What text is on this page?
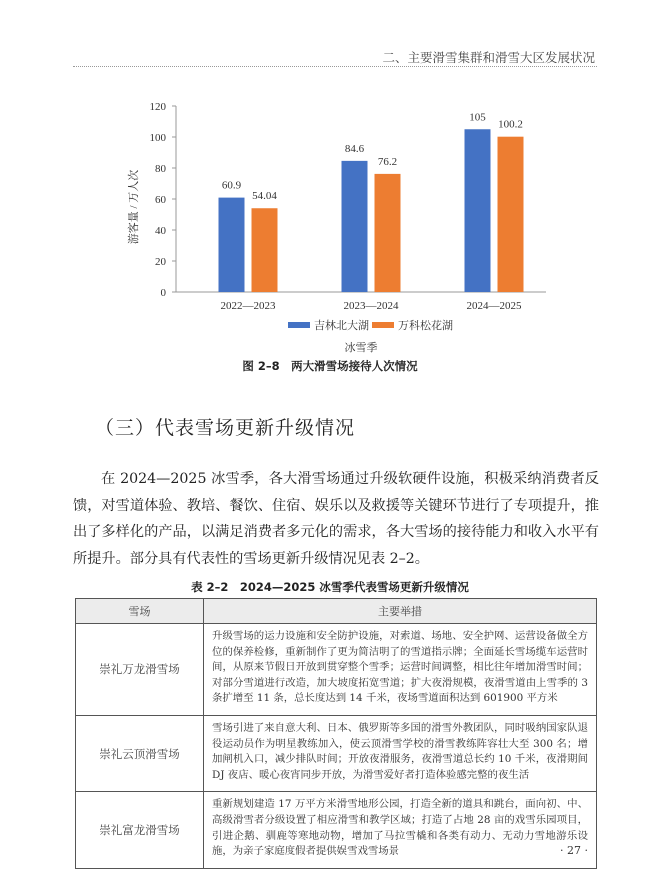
二、主要滑雪集群和滑雪大区发展状况
游客量 / 万人次
0
20
40
60
80
100
120
60.9
84.6
105
54.04
76.2
100.2
2022—2023	2023—2024	2024—2025
吉林北大湖	万科松花湖
冰雪季
图 2–8　两大滑雪场接待人次情况
（三）代表雪场更新升级情况
在 2024—2025 冰雪季，各大滑雪场通过升级软硬件设施，积极采纳消费者反馈，对雪道体验、教培、餐饮、住宿、娱乐以及救援等关键环节进行了专项提升，推出了多样化的产品，以满足消费者多元化的需求，各大雪场的接待能力和收入水平有所提升。部分具有代表性的雪场更新升级情况见表 2–2。
表 2–2　2024—2025 冰雪季代表雪场更新升级情况
雪场	主要举措
崇礼万龙滑雪场	升级雪场的运力设施和安全防护设施，对索道、场地、安全护网、运营设备做全方位的保养检修，重新制作了更为简洁明了的雪道指示牌；全面延长雪场缆车运营时间，从原来节假日开放到贯穿整个雪季；运营时间调整，相比往年增加滑雪时间；对部分雪道进行改造，加大坡度拓宽雪道；扩大夜滑规模，夜滑雪道由上雪季的 3 条扩增至 11 条，总长度达到 14 千米，夜场雪道面积达到 601900 平方米
崇礼云顶滑雪场	雪场引进了来自意大利、日本、俄罗斯等多国的滑雪外教团队，同时吸纳国家队退役运动员作为明星教练加入，使云顶滑雪学校的滑雪教练阵容壮大至 300 名；增加闸机入口，减少排队时间；开放夜滑服务，夜滑雪道总长约 10 千米，夜滑期间 DJ 夜店、暖心夜宵同步开放，为滑雪爱好者打造体验感完整的夜生活
崇礼富龙滑雪场	重新规划建造 17 万平方米滑雪地形公园，打造全新的道具和跳台，面向初、中、高级滑雪者分级设置了相应滑雪和教学区域；打造了占地 28 亩的戏雪乐园项目，引进企鹅、驯鹿等寒地动物，增加了马拉雪橇和各类有动力、无动力雪地游乐设施，为亲子家庭度假者提供娱雪戏雪场景	· 27 ·
